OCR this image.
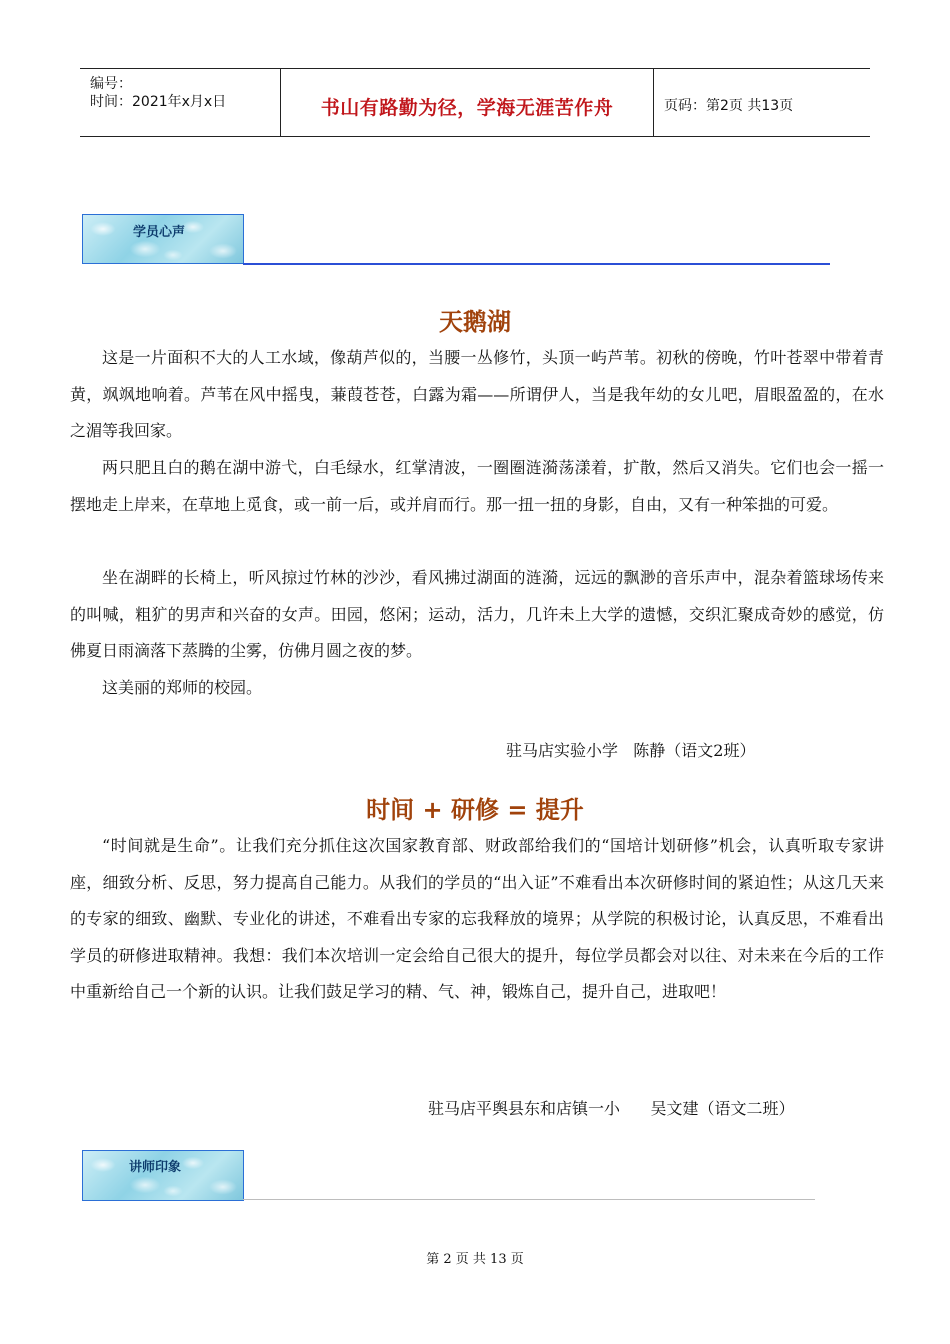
编号：
时间：2021年x月x日	书山有路勤为径，学海无涯苦作舟	页码：第2页 共13页
学员心声
天鹅湖

这是一片面积不大的人工水域，像葫芦似的，当腰一丛修竹，头顶一屿芦苇。初秋的傍晚，竹叶苍翠中带着青黄，飒飒地响着。芦苇在风中摇曳，蒹葭苍苍，白露为霜——所谓伊人，当是我年幼的女儿吧，眉眼盈盈的，在水之湄等我回家。

两只肥且白的鹅在湖中游弋，白毛绿水，红掌清波，一圈圈涟漪荡漾着，扩散，然后又消失。它们也会一摇一摆地走上岸来，在草地上觅食，或一前一后，或并肩而行。那一扭一扭的身影，自由，又有一种笨拙的可爱。

坐在湖畔的长椅上，听风掠过竹林的沙沙，看风拂过湖面的涟漪，远远的飘渺的音乐声中，混杂着篮球场传来的叫喊，粗犷的男声和兴奋的女声。田园，悠闲；运动，活力，几许未上大学的遗憾，交织汇聚成奇妙的感觉，仿佛夏日雨滴落下蒸腾的尘雾，仿佛月圆之夜的梦。

这美丽的郑师的校园。

驻马店实验小学   陈静（语文2班）
时间 + 研修 = 提升

“时间就是生命”。让我们充分抓住这次国家教育部、财政部给我们的“国培计划研修”机会，认真听取专家讲座，细致分析、反思，努力提高自己能力。从我们的学员的“出入证”不难看出本次研修时间的紧迫性；从这几天来的专家的细致、幽默、专业化的讲述，不难看出专家的忘我释放的境界；从学院的积极讨论，认真反思，不难看出学员的研修进取精神。我想：我们本次培训一定会给自己很大的提升，每位学员都会对以往、对未来在今后的工作中重新给自己一个新的认识。让我们鼓足学习的精、气、神，锻炼自己，提升自己，进取吧！

驻马店平舆县东和店镇一小      吴文建（语文二班）
讲师印象
第 2 页 共 13 页
